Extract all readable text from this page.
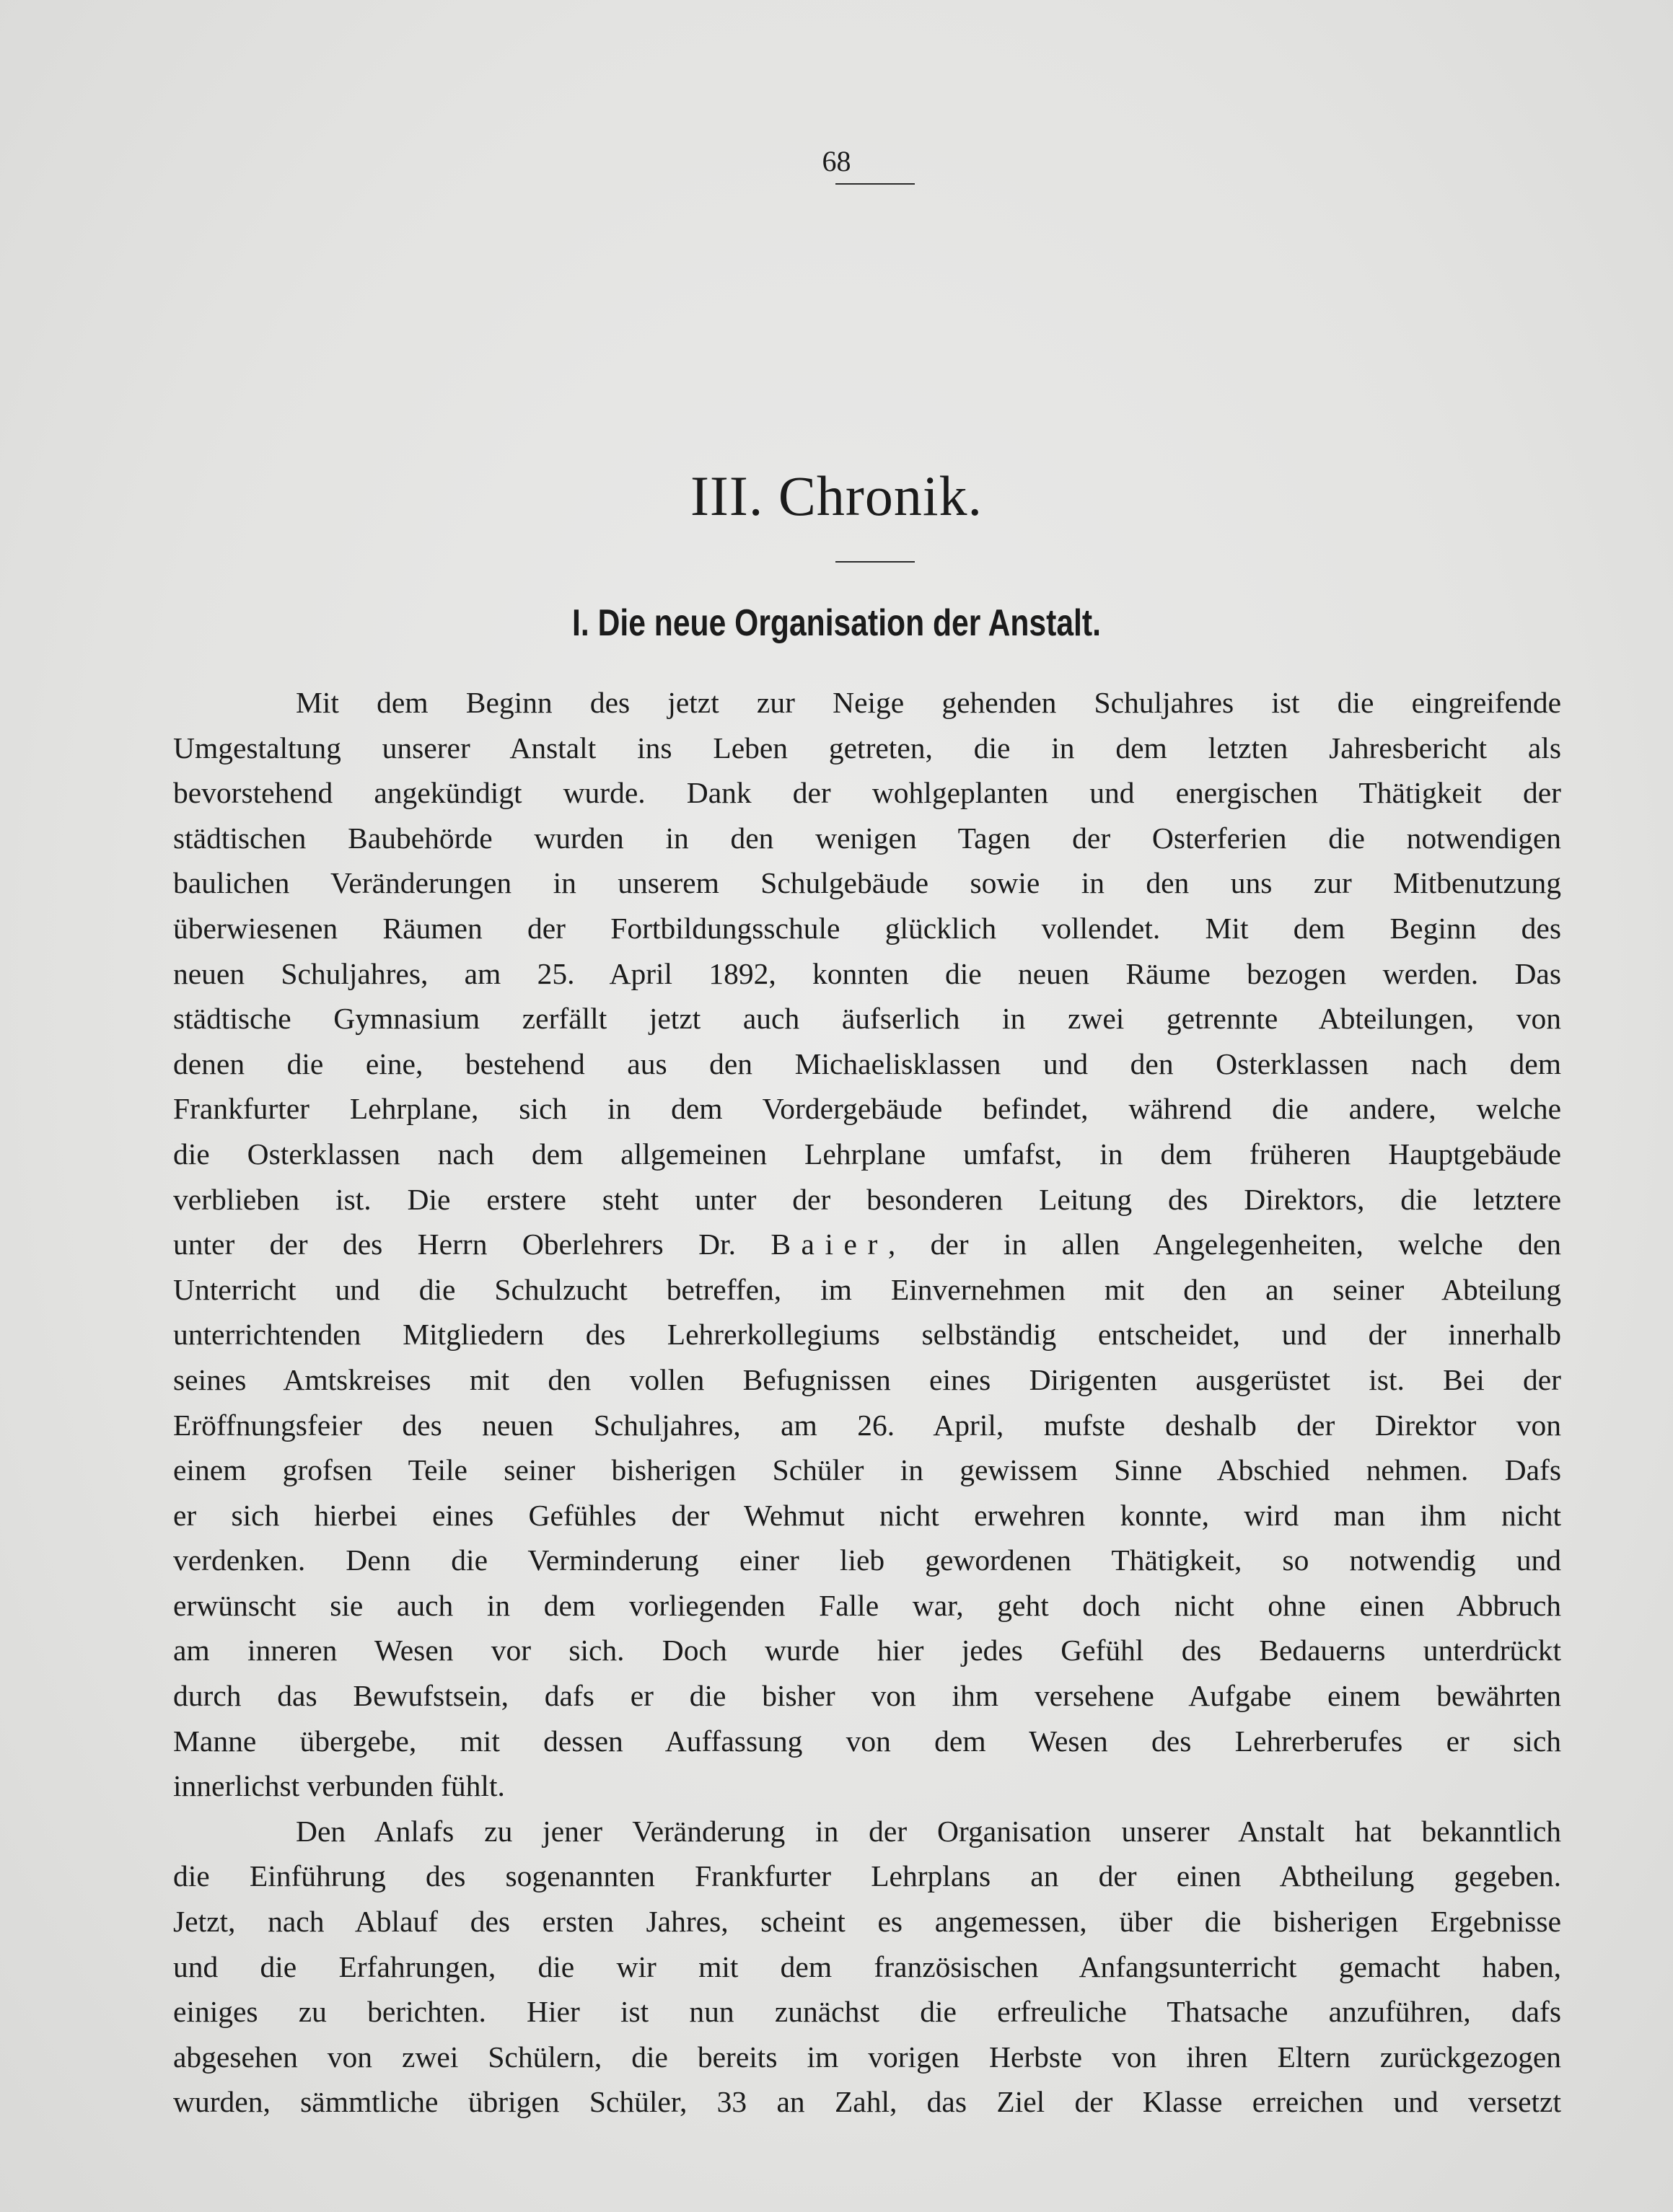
68
III. Chronik.
I. Die neue Organisation der Anstalt.

Mit dem Beginn des jetzt zur Neige gehenden Schuljahres ist die eingreifende

Umgestaltung unserer Anstalt ins Leben getreten, die in dem letzten Jahresbericht als

bevorstehend angekündigt wurde. Dank der wohlgeplanten und energischen Thätigkeit der

städtischen Baubehörde wurden in den wenigen Tagen der Osterferien die notwendigen

baulichen Veränderungen in unserem Schulgebäude sowie in den uns zur Mitbenutzung

überwiesenen Räumen der Fortbildungsschule glücklich vollendet. Mit dem Beginn des

neuen Schuljahres, am 25. April 1892, konnten die neuen Räume bezogen werden. Das

städtische Gymnasium zerfällt jetzt auch äufserlich in zwei getrennte Abteilungen, von

denen die eine, bestehend aus den Michaelisklassen und den Osterklassen nach dem

Frankfurter Lehrplane, sich in dem Vordergebäude befindet, während die andere, welche

die Osterklassen nach dem allgemeinen Lehrplane umfafst, in dem früheren Hauptgebäude

verblieben ist. Die erstere steht unter der besonderen Leitung des Direktors, die letztere

unter der des Herrn Oberlehrers Dr. Baier, der in allen Angelegenheiten, welche den

Unterricht und die Schulzucht betreffen, im Einvernehmen mit den an seiner Abteilung

unterrichtenden Mitgliedern des Lehrerkollegiums selbständig entscheidet, und der innerhalb

seines Amtskreises mit den vollen Befugnissen eines Dirigenten ausgerüstet ist. Bei der

Eröffnungsfeier des neuen Schuljahres, am 26. April, mufste deshalb der Direktor von

einem grofsen Teile seiner bisherigen Schüler in gewissem Sinne Abschied nehmen. Dafs

er sich hierbei eines Gefühles der Wehmut nicht erwehren konnte, wird man ihm nicht

verdenken. Denn die Verminderung einer lieb gewordenen Thätigkeit, so notwendig und

erwünscht sie auch in dem vorliegenden Falle war, geht doch nicht ohne einen Abbruch

am inneren Wesen vor sich. Doch wurde hier jedes Gefühl des Bedauerns unterdrückt

durch das Bewufstsein, dafs er die bisher von ihm versehene Aufgabe einem bewährten

Manne übergebe, mit dessen Auffassung von dem Wesen des Lehrerberufes er sich

innerlichst verbunden fühlt.

Den Anlafs zu jener Veränderung in der Organisation unserer Anstalt hat bekanntlich

die Einführung des sogenannten Frankfurter Lehrplans an der einen Abtheilung gegeben.

Jetzt, nach Ablauf des ersten Jahres, scheint es angemessen, über die bisherigen Ergebnisse

und die Erfahrungen, die wir mit dem französischen Anfangsunterricht gemacht haben,

einiges zu berichten. Hier ist nun zunächst die erfreuliche Thatsache anzuführen, dafs

abgesehen von zwei Schülern, die bereits im vorigen Herbste von ihren Eltern zurückgezogen

wurden, sämmtliche übrigen Schüler, 33 an Zahl, das Ziel der Klasse erreichen und versetzt
